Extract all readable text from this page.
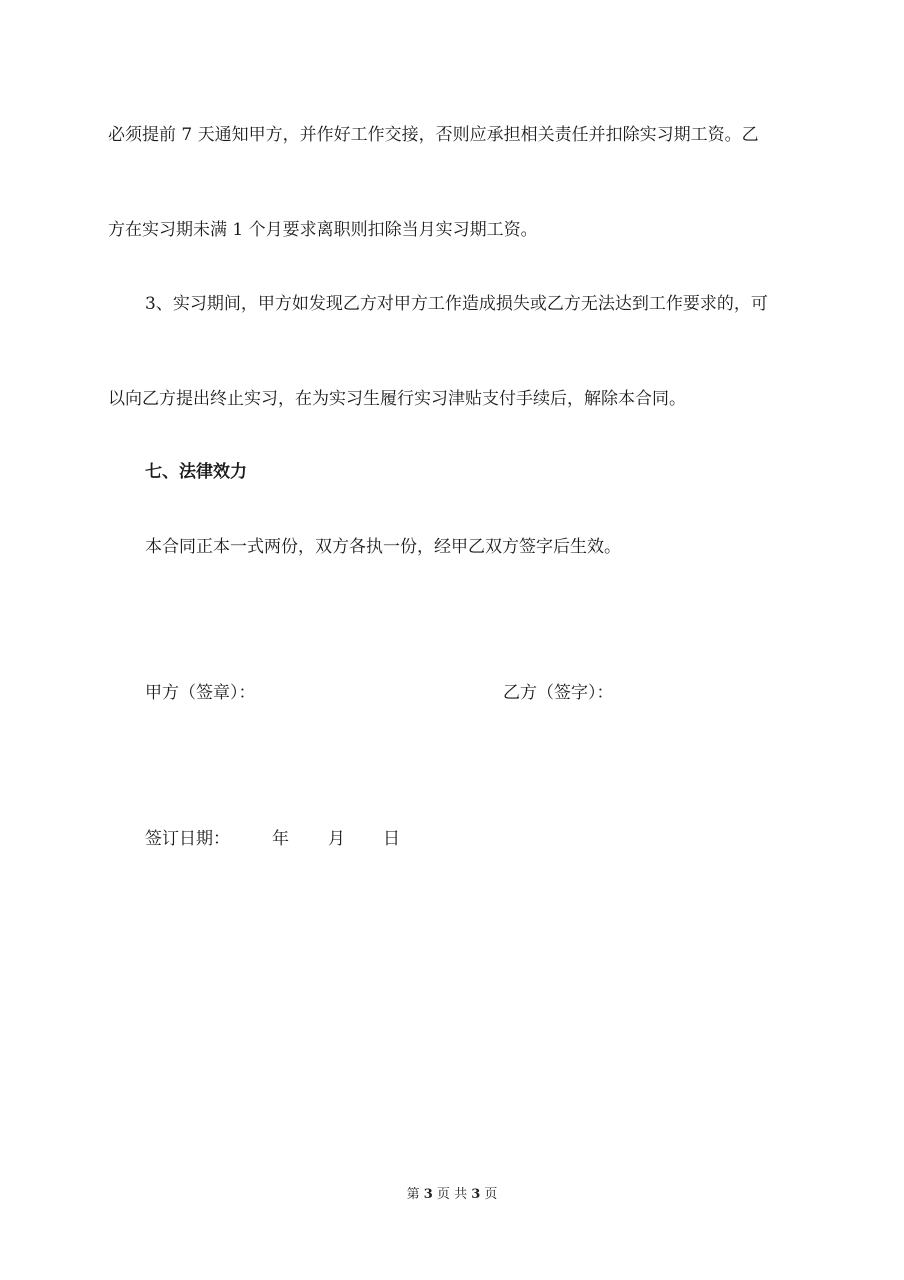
必须提前 7 天通知甲方，并作好工作交接，否则应承担相关责任并扣除实习期工资。乙
方在实习期未满 1 个月要求离职则扣除当月实习期工资。
3、实习期间，甲方如发现乙方对甲方工作造成损失或乙方无法达到工作要求的，可
以向乙方提出终止实习，在为实习生履行实习津贴支付手续后，解除本合同。
七、法律效力
本合同正本一式两份，双方各执一份，经甲乙双方签字后生效。
甲方（签章）：	乙方（签字）：
签订日期： 年 月 日
第 3 页 共 3 页
